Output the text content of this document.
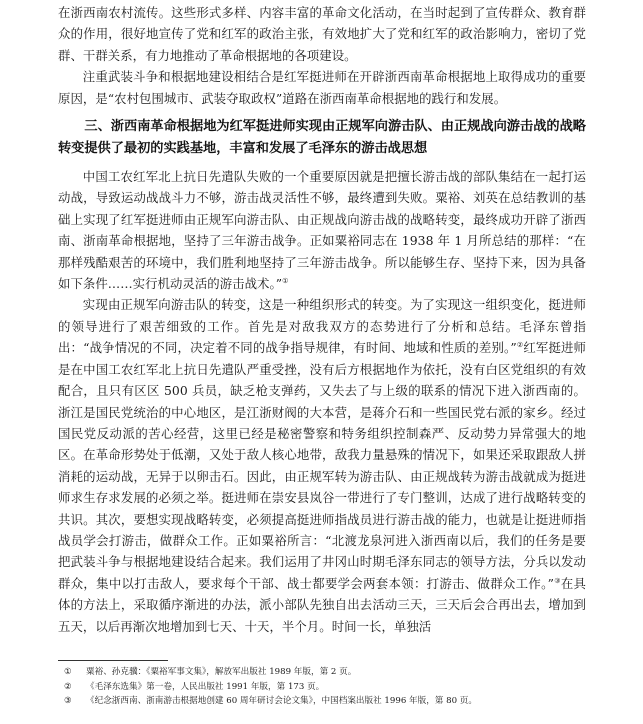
在浙西南农村流传。这些形式多样、内容丰富的革命文化活动，在当时起到了宣传群众、教育群众的作用，很好地宣传了党和红军的政治主张，有效地扩大了党和红军的政治影响力，密切了党群、干群关系，有力地推动了革命根据地的各项建设。

注重武装斗争和根据地建设相结合是红军挺进师在开辟浙西南革命根据地上取得成功的重要原因，是“农村包围城市、武装夺取政权”道路在浙西南革命根据地的践行和发展。

三、浙西南革命根据地为红军挺进师实现由正规军向游击队、由正规战向游击战的战略转变提供了最初的实践基地，丰富和发展了毛泽东的游击战思想

中国工农红军北上抗日先遣队失败的一个重要原因就是把擅长游击战的部队集结在一起打运动战，导致运动战战斗力不够，游击战灵活性不够，最终遭到失败。粟裕、刘英在总结教训的基础上实现了红军挺进师由正规军向游击队、由正规战向游击战的战略转变，最终成功开辟了浙西南、浙南革命根据地，坚持了三年游击战争。正如粟裕同志在 1938 年 1 月所总结的那样：“在那样残酷艰苦的环境中，我们胜利地坚持了三年游击战争。所以能够生存、坚持下来，因为具备如下条件……实行机动灵活的游击战术。”①

实现由正规军向游击队的转变，这是一种组织形式的转变。为了实现这一组织变化，挺进师的领导进行了艰苦细致的工作。首先是对敌我双方的态势进行了分析和总结。毛泽东曾指出：“战争情况的不同，决定着不同的战争指导规律，有时间、地域和性质的差别。”②红军挺进师是在中国工农红军北上抗日先遣队严重受挫，没有后方根据地作为依托，没有白区党组织的有效配合，且只有区区 500 兵员，缺乏枪支弹药，又失去了与上级的联系的情况下进入浙西南的。浙江是国民党统治的中心地区，是江浙财阀的大本营，是蒋介石和一些国民党右派的家乡。经过国民党反动派的苦心经营，这里已经是秘密警察和特务组织控制森严、反动势力异常强大的地区。在革命形势处于低潮，又处于敌人核心地带，敌我力量悬殊的情况下，如果还采取跟敌人拼消耗的运动战，无异于以卵击石。因此，由正规军转为游击队、由正规战转为游击战就成为挺进师求生存求发展的必须之举。挺进师在崇安县岚谷一带进行了专门整训，达成了进行战略转变的共识。其次，要想实现战略转变，必须提高挺进师指战员进行游击战的能力，也就是让挺进师指战员学会打游击，做群众工作。正如粟裕所言：“北渡龙泉河进入浙西南以后，我们的任务是要把武装斗争与根据地建设结合起来。我们运用了井冈山时期毛泽东同志的领导方法，分兵以发动群众，集中以打击敌人，要求每个干部、战士都要学会两套本领：打游击、做群众工作。”③在具体的方法上，采取循序渐进的办法，派小部队先独自出去活动三天，三天后会合再出去，增加到五天，以后再渐次地增加到七天、十天，半个月。时间一长，单独活

① 粟裕、孙克骥：《粟裕军事文集》，解放军出版社 1989 年版，第 2 页。

② 《毛泽东选集》第一卷，人民出版社 1991 年版，第 173 页。

③ 《纪念浙西南、浙南游击根据地创建 60 周年研讨会论文集》，中国档案出版社 1996 年版，第 80 页。
